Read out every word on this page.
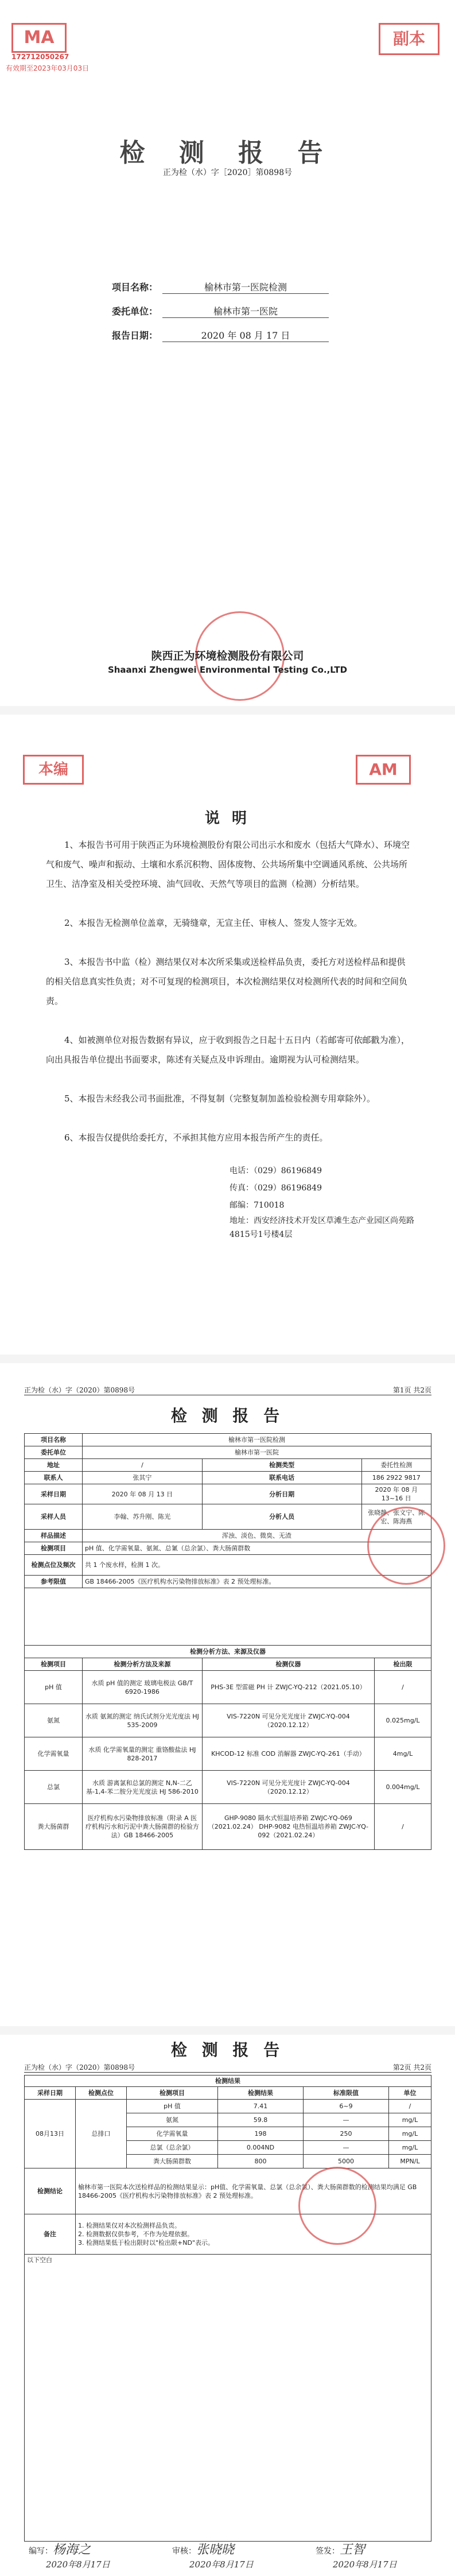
MA
172712050267
有效期至2023年03月03日
副本
检 测 报 告
正为检（水）字［2020］第0898号
项目名称：	榆林市第一医院检测
委托单位：	榆林市第一医院
报告日期：	2020 年 08 月 17 日
陕西正为环境检测股份有限公司
Shaanxi Zhengwei Environmental Testing Co.,LTD
本编	AM
说 明
1、本报告书可用于陕西正为环境检测股份有限公司出示水和废水（包括大气降水）、环境空气和废气、噪声和振动、土壤和水系沉积物、固体废物、公共场所集中空调通风系统、公共场所卫生、洁净室及相关受控环境、油气回收、天然气等项目的监测（检测）分析结果。
2、本报告无检测单位盖章，无骑缝章，无宣主任、审核人、签发人签字无效。
3、本报告书中监（检）测结果仅对本次所采集或送检样品负责，委托方对送检样品和提供的相关信息真实性负责；对不可复现的检测项目，本次检测结果仅对检测所代表的时间和空间负责。
4、如被测单位对报告数据有异议，应于收到报告之日起十五日内（若邮寄可依邮戳为准），向出具报告单位提出书面要求，陈述有关疑点及申诉理由。逾期视为认可检测结果。
5、本报告未经我公司书面批准，不得复制（完整复制加盖检验检测专用章除外）。
6、本报告仅提供给委托方，不承担其他方应用本报告所产生的责任。
电话：（029）86196849
传真：（029）86196849
邮编：710018
地址：西安经济技术开发区草滩生态产业园区尚苑路4815号1号楼4层
正为检（水）字（2020）第0898号	第1页 共2页
检 测 报 告
项目名称	榆林市第一医院检测			
委托单位	榆林市第一医院			
地址	/	检测类型	委托性检测	
联系人	张其宁	联系电话	186 2922 9817	
采样日期	2020 年 08 月 13 日	分析日期	2020 年 08 月 13~16 日	
采样人员	李翰、苏升刚、陈光	分析人员	张晓静、张文宁、陈宏、陈海燕	
样品描述	浑浊、淡色、微臭、无渣			
检测项目	pH 值、化学需氧量、氨氮、总氰（总余氯）、粪大肠菌群数			
检测点位及频次	共 1 个废水样，检测 1 次。			
参考限值	GB 18466-2005《医疗机构水污染物排放标准》表 2 预处理标准。			

检测分析方法、来源及仪器				
检测项目	检测分析方法及来源	检测仪器		检出限
pH 值	水质 pH 值的测定 玻璃电极法 GB/T 6920-1986	PHS-3E 型雷磁 PH 计 ZWJC-YQ-212（2021.05.10）		/
氨氮	水质 氨氮的测定 纳氏试剂分光光度法 HJ 535-2009	VIS-7220N 可见分光光度计 ZWJC-YQ-004（2020.12.12）		0.025mg/L
化学需氧量	水质 化学需氧量的测定 重铬酸盐法 HJ 828-2017	KHCOD-12 标准 COD 消解器 ZWJC-YQ-261（手动）		4mg/L
总氯	水质 游离氯和总氯的测定 N,N-二乙基-1,4-苯二胺分光光度法 HJ 586-2010	VIS-7220N 可见分光光度计 ZWJC-YQ-004（2020.12.12）		0.004mg/L
粪大肠菌群	医疗机构水污染物排放标准（附录 A 医疗机构污水和污泥中粪大肠菌群的检验方法）GB 18466-2005	GHP-9080 隔水式恒温培养箱 ZWJC-YQ-069（2021.02.24） DHP-9082 电热恒温培养箱 ZWJC-YQ-092（2021.02.24）		/
正为检（水）字（2020）第0898号	第2页 共2页
检 测 报 告
检测结果					
采样日期	检测点位	检测项目	检测结果	标准限值	单位
08月13日	总排口	pH 值	7.41	6~9	/
		氨氮	59.8	—	mg/L
		化学需氧量	198	250	mg/L
		总氯（总余氯）	0.004ND	—	mg/L
		粪大肠菌群数	800	5000	MPN/L
检测结论	榆林市第一医院本次送检样品的检测结果显示：pH值、化学需氧量、总氯（总余氯）、粪大肠菌群数的检测结果均满足 GB 18466-2005《医疗机构水污染物排放标准》表 2 预处理标准。				
备注	1. 检测结果仅对本次检测样品负责。
2. 检测数据仅供参考，不作为处理依据。
3. 检测结果低于检出限时以"检出限+ND"表示。				
以下空白					
编写：杨海之	审核：张晓晓	签发：王智
2020年8月17日	2020年8月17日	2020年8月17日
